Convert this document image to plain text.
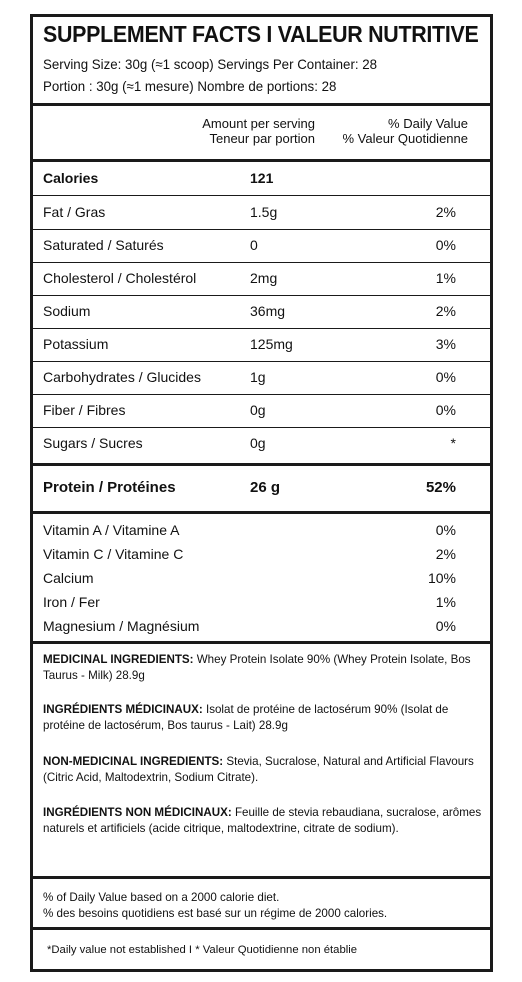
SUPPLEMENT FACTS I VALEUR NUTRITIVE
Serving Size: 30g (≈1 scoop) Servings Per Container: 28
Portion : 30g (≈1 mesure) Nombre de portions: 28
Amount per serving
Teneur par portion
% Daily Value
% Valeur Quotidienne
Calories	121
Fat / Gras	1.5g	2%
Saturated / Saturés	0	0%
Cholesterol / Cholestérol	2mg	1%
Sodium	36mg	2%
Potassium	125mg	3%
Carbohydrates / Glucides	1g	0%
Fiber / Fibres	0g	0%
Sugars / Sucres	0g	*
Protein / Protéines	26 g	52%
Vitamin A / Vitamine A	0%
Vitamin C / Vitamine C	2%
Calcium	10%
Iron / Fer	1%
Magnesium / Magnésium	0%
MEDICINAL INGREDIENTS: Whey Protein Isolate 90% (Whey Protein Isolate, Bos Taurus - Milk) 28.9g
INGRÉDIENTS MÉDICINAUX: Isolat de protéine de lactosérum 90% (Isolat de protéine de lactosérum, Bos taurus - Lait) 28.9g
NON-MEDICINAL INGREDIENTS: Stevia, Sucralose, Natural and Artificial Flavours (Citric Acid, Maltodextrin, Sodium Citrate).
INGRÉDIENTS NON MÉDICINAUX: Feuille de stevia rebaudiana, sucralose, arômes naturels et artificiels (acide citrique, maltodextrine, citrate de sodium).
% of Daily Value based on a 2000 calorie diet.
% des besoins quotidiens est basé sur un régime de 2000 calories.
*Daily value not established I * Valeur Quotidienne non établie
